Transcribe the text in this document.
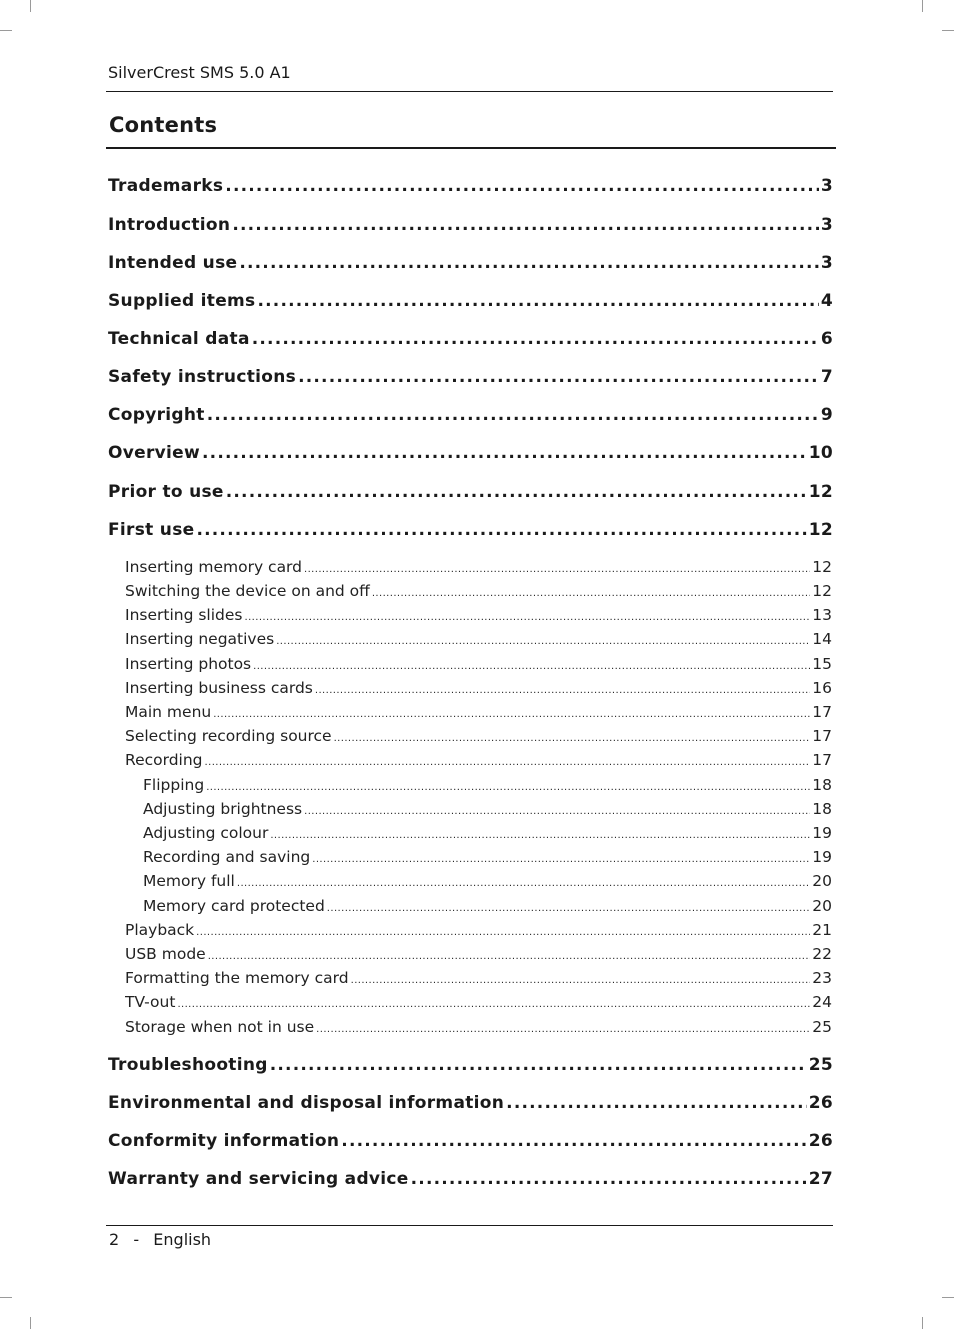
SilverCrest SMS 5.0 A1
Contents
Trademarks .....	3
Introduction .....	3
Intended use .....	3
Supplied items .....	4
Technical data .....	6
Safety instructions .....	7
Copyright .....	9
Overview .....	10
Prior to use .....	12
First use .....	12
Inserting memory card .....	12
Switching the device on and off .....	12
Inserting slides .....	13
Inserting negatives .....	14
Inserting photos .....	15
Inserting business cards .....	16
Main menu .....	17
Selecting recording source .....	17
Recording .....	17
Flipping .....	18
Adjusting brightness .....	18
Adjusting colour .....	19
Recording and saving .....	19
Memory full .....	20
Memory card protected .....	20
Playback .....	21
USB mode .....	22
Formatting the memory card .....	23
TV-out .....	24
Storage when not in use .....	25
Troubleshooting .....	25
Environmental and disposal information .....	26
Conformity information .....	26
Warranty and servicing advice .....	27
2  -  English
